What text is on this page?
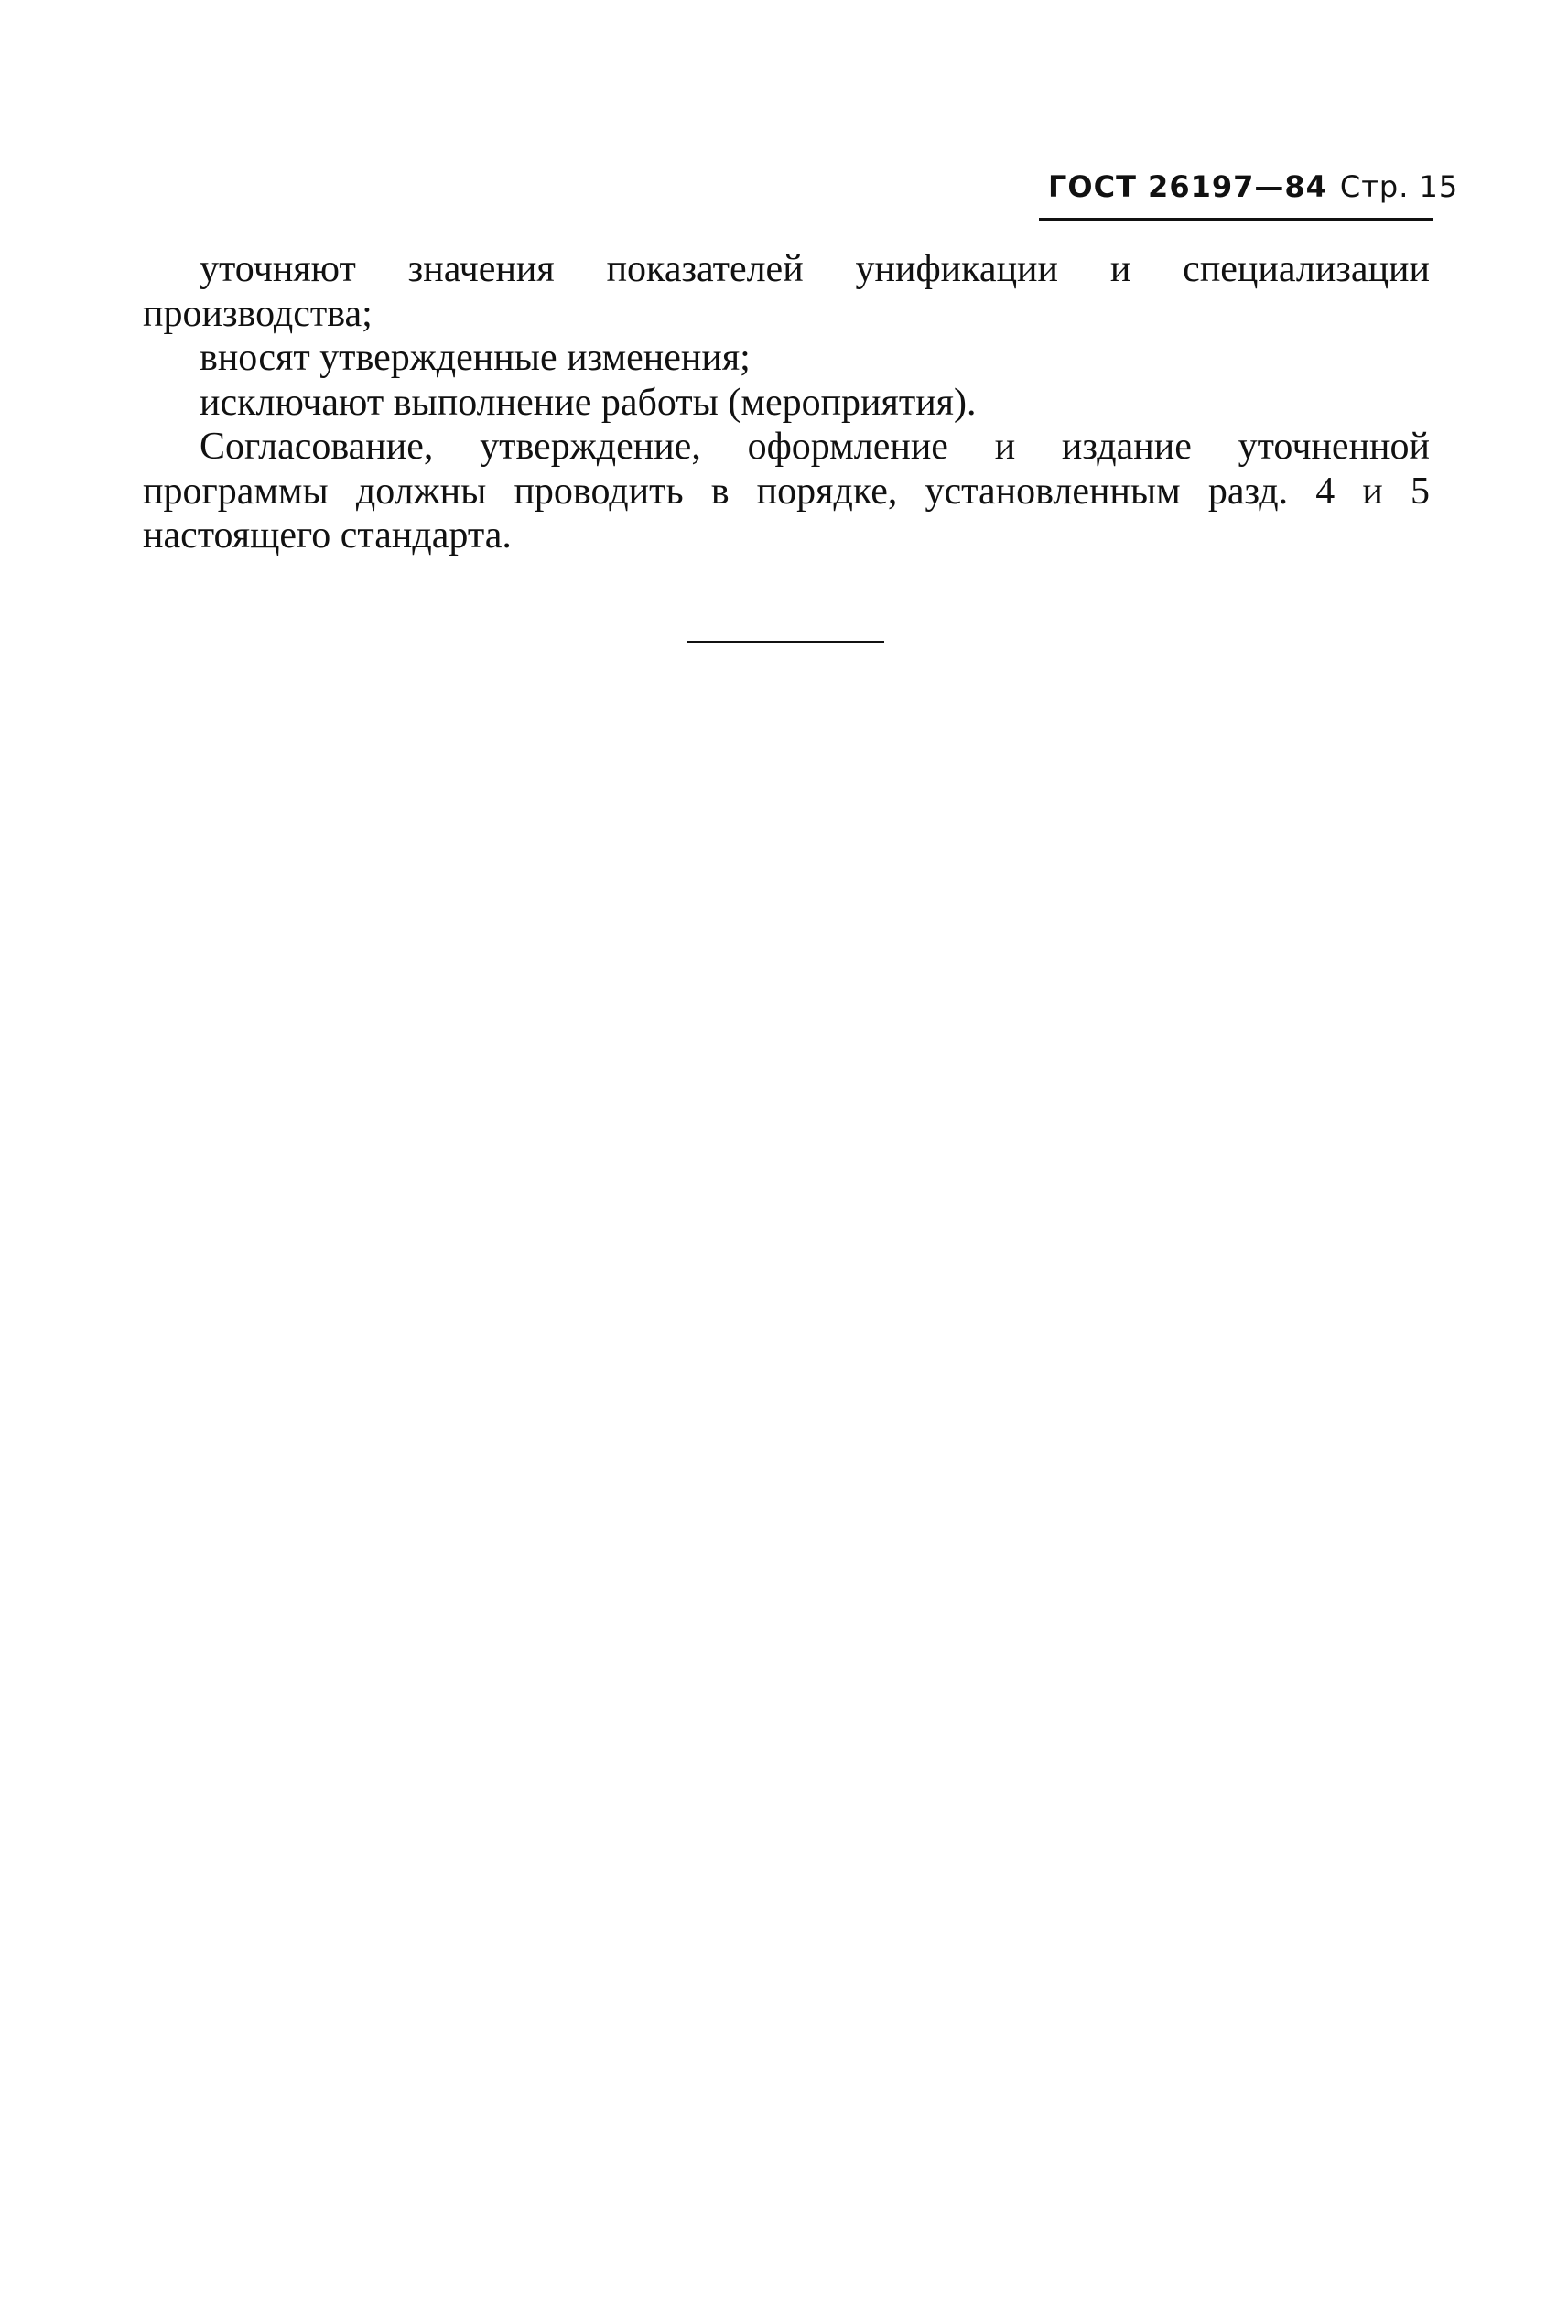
ГОСТ 26197—84 Стр. 15

уточняют значения показателей унификации и специализации производства;

вносят утвержденные изменения;

исключают выполнение работы (мероприятия).

Согласование, утверждение, оформление и издание уточненной программы должны проводить в порядке, установленным разд. 4 и 5 настоящего стандарта.
